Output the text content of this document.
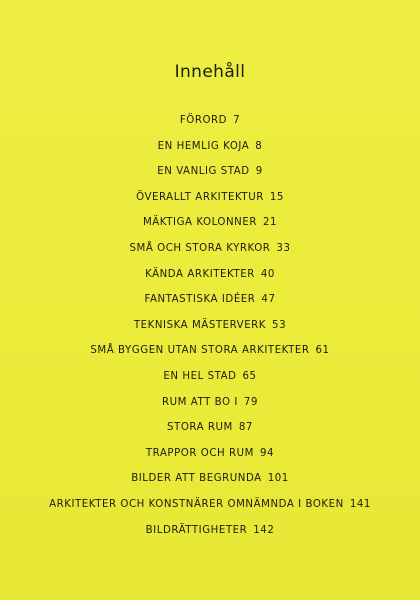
Innehåll
FÖRORD 7
EN HEMLIG KOJA 8
EN VANLIG STAD 9
ÖVERALLT ARKITEKTUR 15
MÄKTIGA KOLONNER 21
SMÅ OCH STORA KYRKOR 33
KÄNDA ARKITEKTER 40
FANTASTISKA IDÉER 47
TEKNISKA MÄSTERVERK 53
SMÅ BYGGEN UTAN STORA ARKITEKTER 61
EN HEL STAD 65
RUM ATT BO I 79
STORA RUM 87
TRAPPOR OCH RUM 94
BILDER ATT BEGRUNDA 101
ARKITEKTER OCH KONSTNÄRER OMNÄMNDA I BOKEN 141
BILDRÄTTIGHETER 142
